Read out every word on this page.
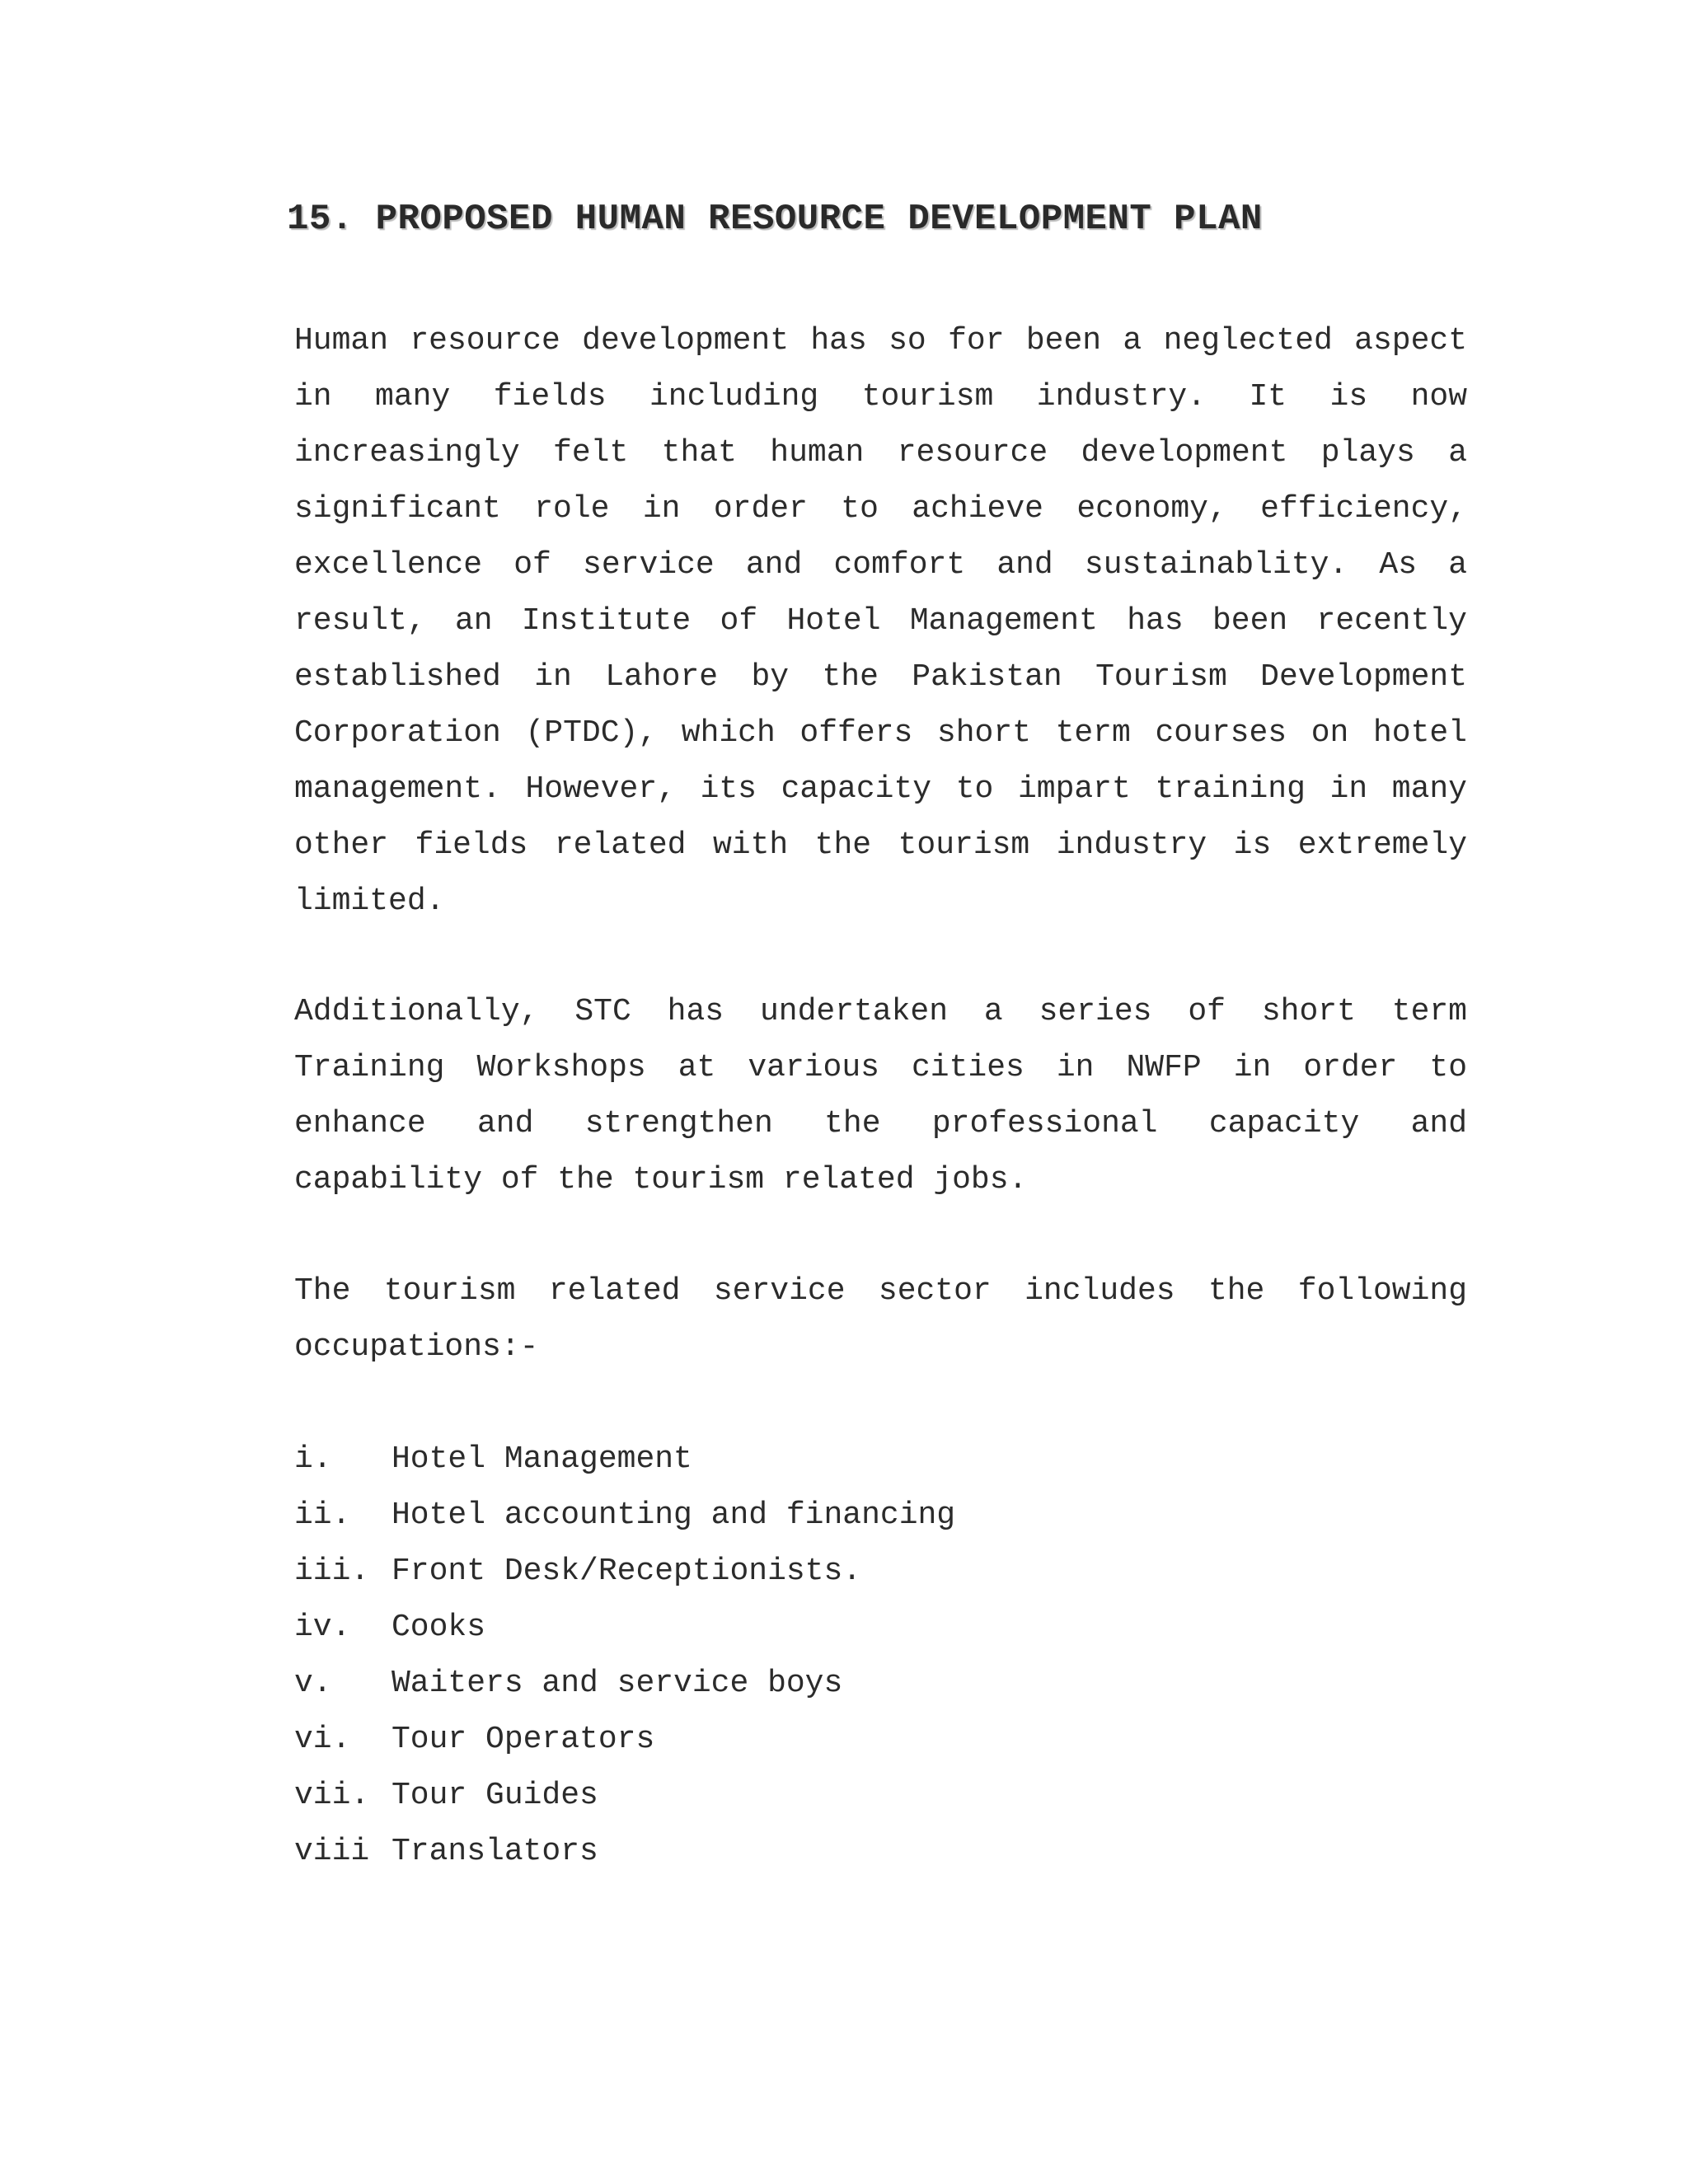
15. PROPOSED HUMAN RESOURCE DEVELOPMENT PLAN

Human resource development has so for been a neglected aspect in many fields including tourism industry. It is now increasingly felt that human resource development plays a significant role in order to achieve economy, efficiency, excellence of service and comfort and sustainablity. As a result, an Institute of Hotel Management has been recently established in Lahore by the Pakistan Tourism Development Corporation (PTDC), which offers short term courses on hotel management. However, its capacity to impart training in many other fields related with the tourism industry is extremely limited.

Additionally, STC has undertaken a series of short term Training Workshops at various cities in NWFP in order to enhance and strengthen the professional capacity and capability of the tourism related jobs.

The tourism related service sector includes the following occupations:-

i.	Hotel Management
ii.	Hotel accounting and financing
iii. Front Desk/Receptionists.
iv.	Cooks
v.	Waiters and service boys
vi.	Tour Operators
vii. Tour Guides
viii Translators
